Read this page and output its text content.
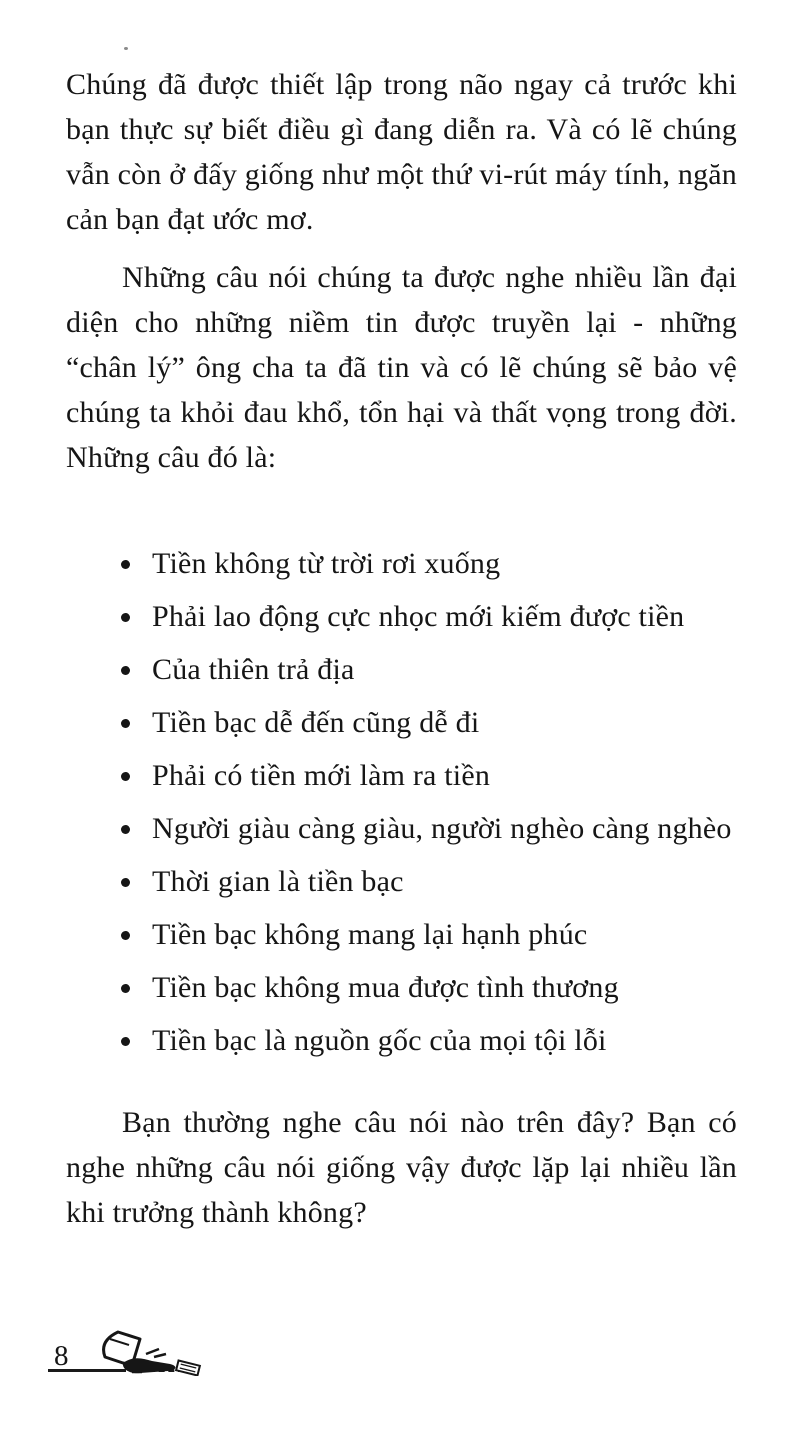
Chúng đã được thiết lập trong não ngay cả trước khi bạn thực sự biết điều gì đang diễn ra. Và có lẽ chúng vẫn còn ở đấy giống như một thứ vi-rút máy tính, ngăn cản bạn đạt ước mơ.

Những câu nói chúng ta được nghe nhiều lần đại diện cho những niềm tin được truyền lại - những “chân lý” ông cha ta đã tin và có lẽ chúng sẽ bảo vệ chúng ta khỏi đau khổ, tổn hại và thất vọng trong đời. Những câu đó là:

Tiền không từ trời rơi xuống
Phải lao động cực nhọc mới kiếm được tiền
Của thiên trả địa
Tiền bạc dễ đến cũng dễ đi
Phải có tiền mới làm ra tiền
Người giàu càng giàu, người nghèo càng nghèo
Thời gian là tiền bạc
Tiền bạc không mang lại hạnh phúc
Tiền bạc không mua được tình thương
Tiền bạc là nguồn gốc của mọi tội lỗi

Bạn thường nghe câu nói nào trên đây? Bạn có nghe những câu nói giống vậy được lặp lại nhiều lần khi trưởng thành không?

8
